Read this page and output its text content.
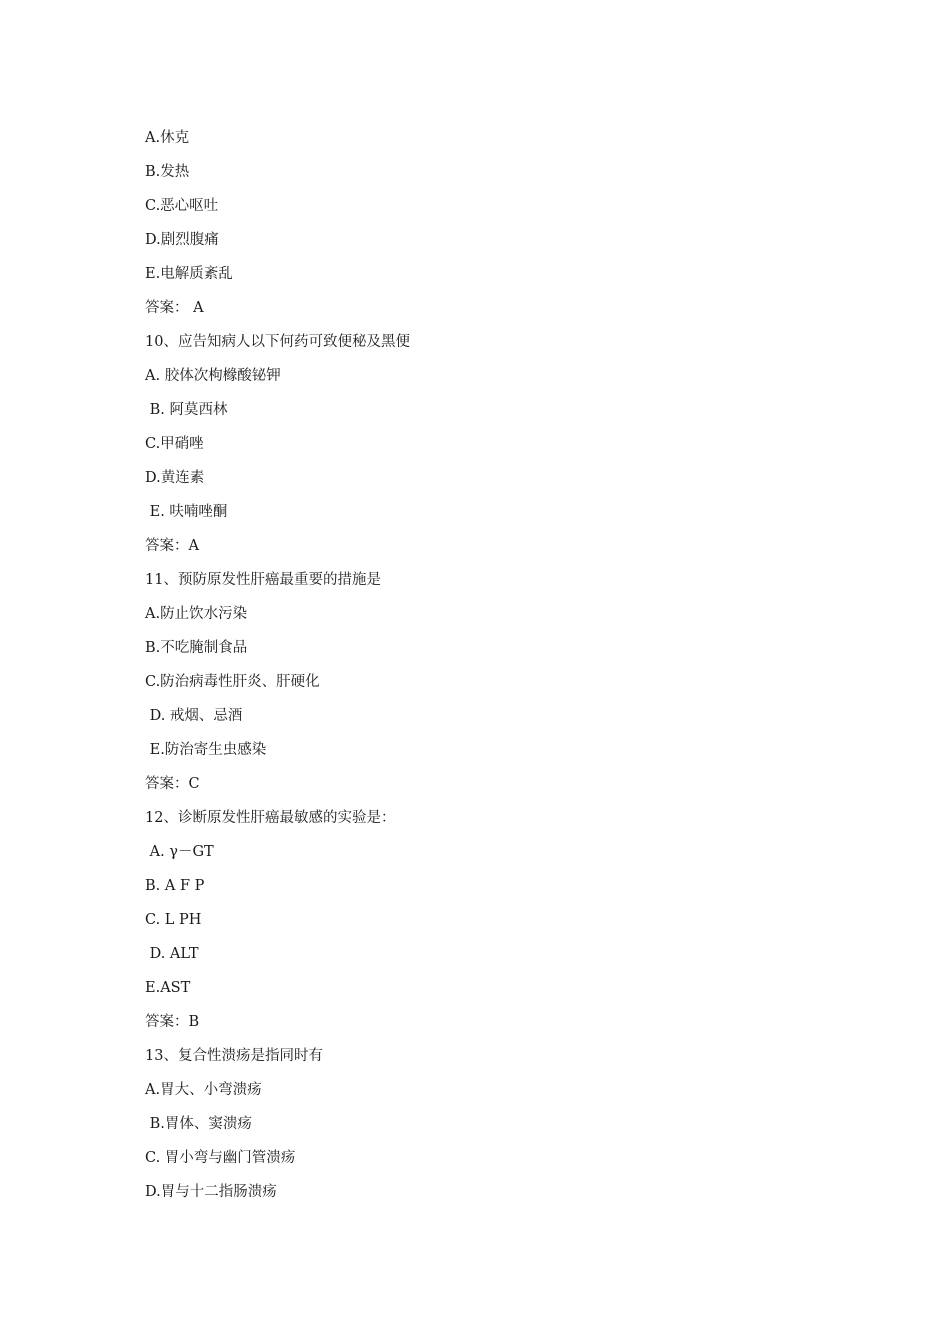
A.休克
B.发热
C.恶心呕吐
D.剧烈腹痛
E.电解质紊乱
答案： A
10、应告知病人以下何药可致便秘及黑便
A. 胶体次枸橼酸铋钾
B. 阿莫西林
C.甲硝唑
D.黄连素
E. 呋喃唑酮
答案：A
11、预防原发性肝癌最重要的措施是
A.防止饮水污染
B.不吃腌制食品
C.防治病毒性肝炎、肝硬化
D. 戒烟、忌酒
E.防治寄生虫感染
答案：C
12、诊断原发性肝癌最敏感的实验是：
A. γ－GT
B. A F P
C. L PH
D. ALT
E.AST
答案：B
13、复合性溃疡是指同时有
A.胃大、小弯溃疡
B.胃体、窦溃疡
C. 胃小弯与幽门管溃疡
D.胃与十二指肠溃疡
